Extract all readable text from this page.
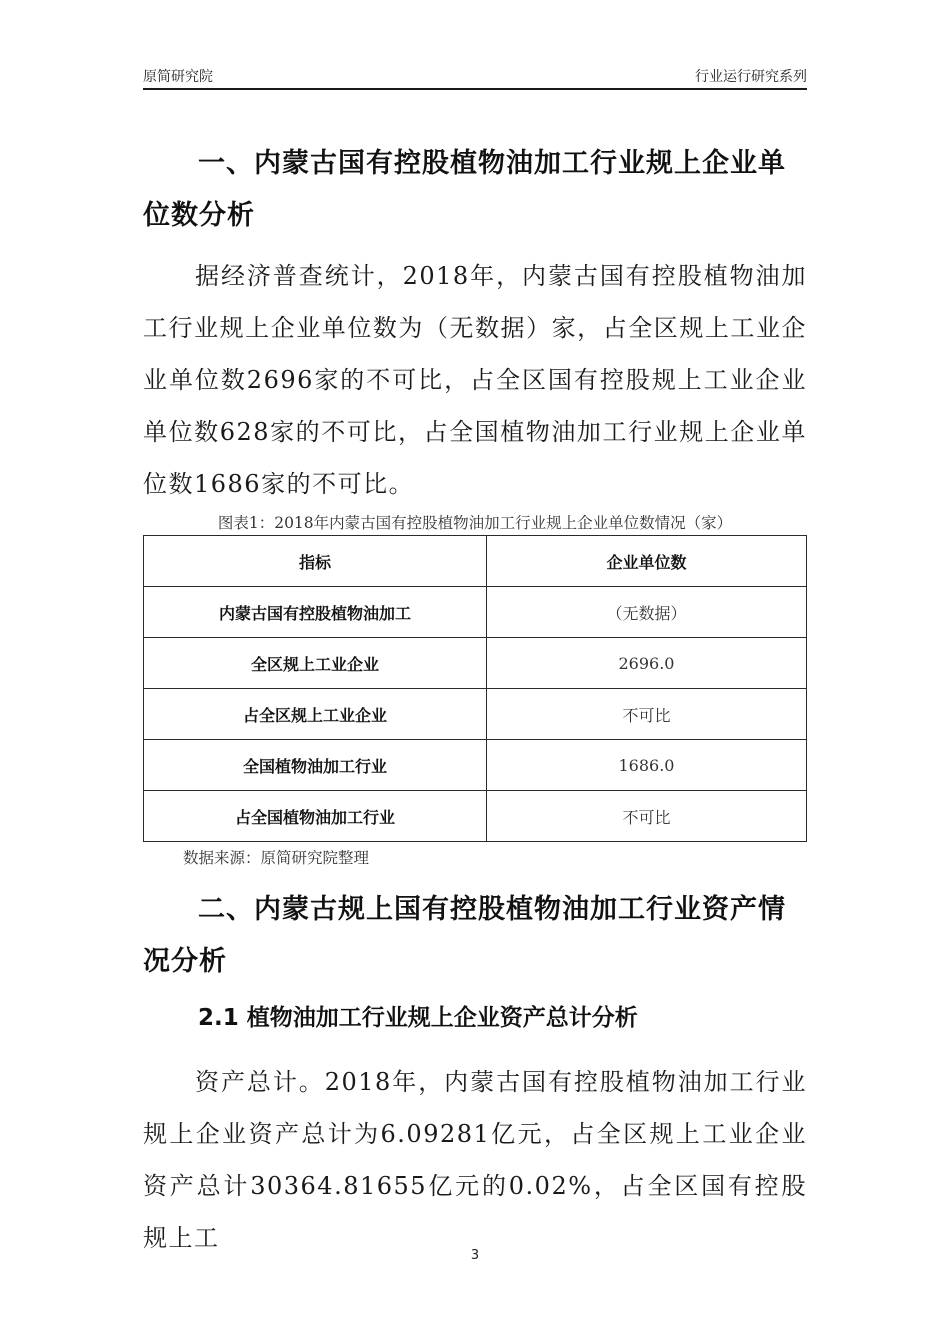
原简研究院	行业运行研究系列
一、内蒙古国有控股植物油加工行业规上企业单位数分析
据经济普查统计，2018年，内蒙古国有控股植物油加工行业规上企业单位数为（无数据）家，占全区规上工业企业单位数2696家的不可比，占全区国有控股规上工业企业单位数628家的不可比，占全国植物油加工行业规上企业单位数1686家的不可比。
图表1：2018年内蒙古国有控股植物油加工行业规上企业单位数情况（家）
指标	企业单位数
内蒙古国有控股植物油加工	（无数据）
全区规上工业企业	2696.0
占全区规上工业企业	不可比
全国植物油加工行业	1686.0
占全国植物油加工行业	不可比
数据来源：原简研究院整理
二、内蒙古规上国有控股植物油加工行业资产情况分析
2.1 植物油加工行业规上企业资产总计分析
资产总计。2018年，内蒙古国有控股植物油加工行业规上企业资产总计为6.09281亿元，占全区规上工业企业资产总计30364.81655亿元的0.02%，占全区国有控股规上工
3
